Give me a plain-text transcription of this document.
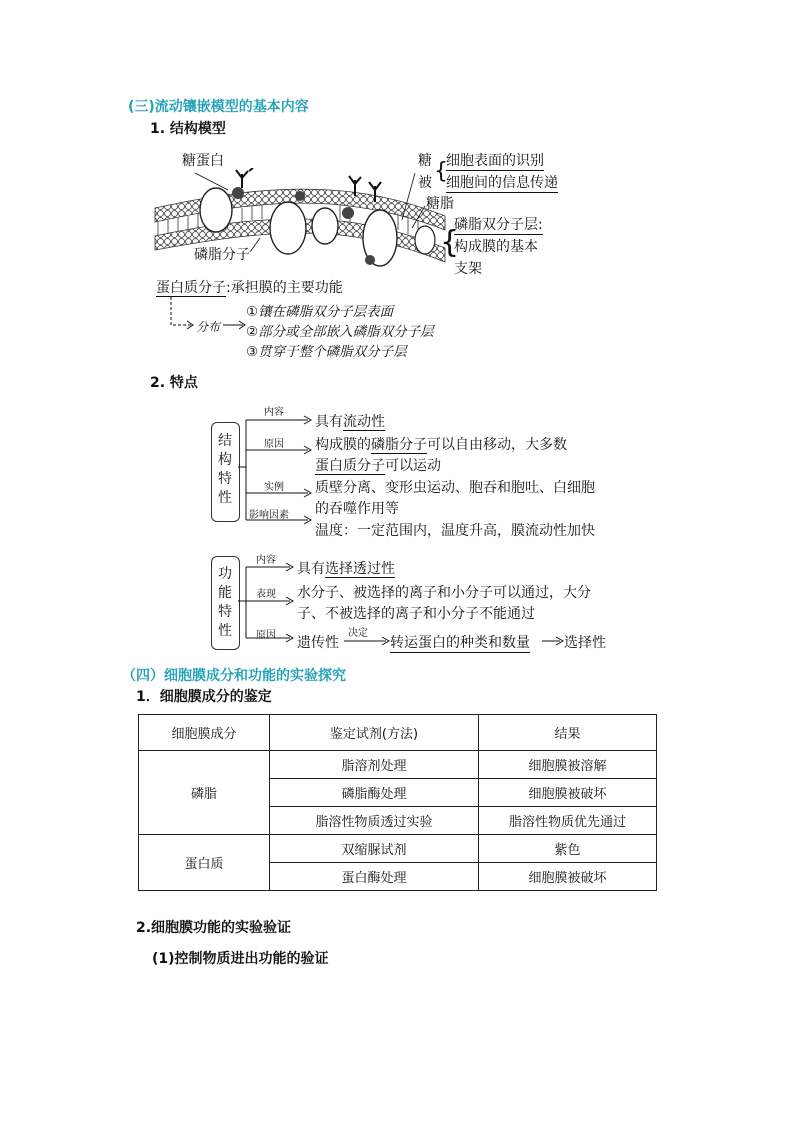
(三)流动镶嵌模型的基本内容
1. 结构模型
糖蛋白	糖
被 {
细胞表面的识别
细胞间的信息传递
糖脂
磷脂分子	{
磷脂双分子层:
构成膜的基本
支架
蛋白质分子:承担膜的主要功能
分布
①镶在磷脂双分子层表面
②部分或全部嵌入磷脂双分子层
③贯穿于整个磷脂双分子层
2. 特点
结构特性
内容
原因
实例
影响因素
具有流动性
构成膜的磷脂分子可以自由移动，大多数
蛋白质分子可以运动
质壁分离、变形虫运动、胞吞和胞吐、白细胞
的吞噬作用等
温度：一定范围内，温度升高，膜流动性加快
功能特性
内容
表现
原因
具有选择透过性
水分子、被选择的离子和小分子可以通过，大分
子、不被选择的离子和小分子不能通过
遗传性
决定
转运蛋白的种类和数量 选择性
（四）细胞膜成分和功能的实验探究
1．细胞膜成分的鉴定
细胞膜成分	鉴定试剂(方法)	结果
磷脂	脂溶剂处理	细胞膜被溶解
	磷脂酶处理	细胞膜被破坏
	脂溶性物质透过实验	脂溶性物质优先通过
蛋白质	双缩脲试剂	紫色
	蛋白酶处理	细胞膜被破坏
2.细胞膜功能的实验验证
(1)控制物质进出功能的验证
